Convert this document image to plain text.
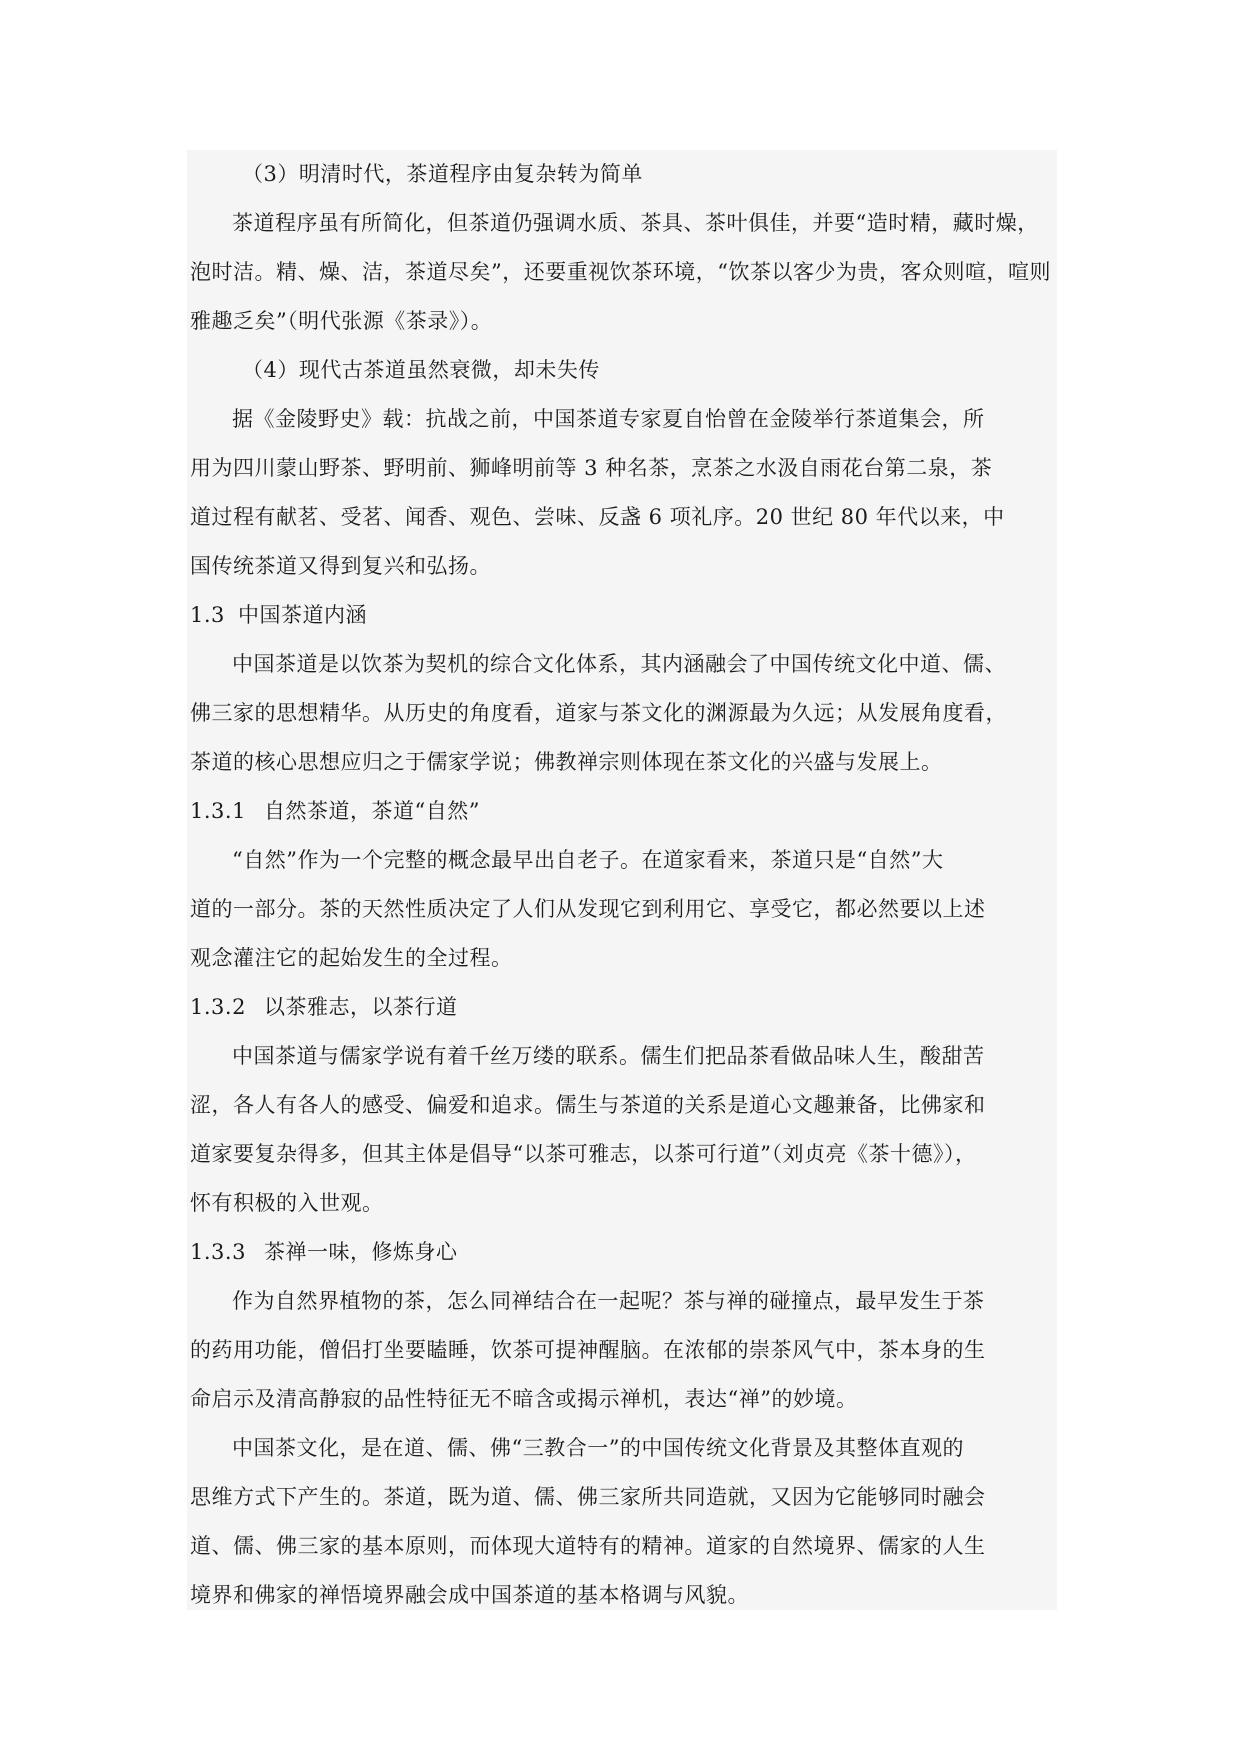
（3）明清时代，茶道程序由复杂转为简单
茶道程序虽有所简化，但茶道仍强调水质、茶具、茶叶俱佳，并要“造时精，藏时燥，
泡时洁。精、燥、洁，茶道尽矣”，还要重视饮茶环境，“饮茶以客少为贵，客众则喧，喧则
雅趣乏矣”（明代张源《茶录》）。
（4）现代古茶道虽然衰微，却未失传
据《金陵野史》载：抗战之前，中国茶道专家夏自怡曾在金陵举行茶道集会，所
用为四川蒙山野茶、野明前、狮峰明前等 3 种名茶，烹茶之水汲自雨花台第二泉，茶
道过程有献茗、受茗、闻香、观色、尝味、反盏 6 项礼序。20 世纪 80 年代以来，中
国传统茶道又得到复兴和弘扬。
1.3 中国茶道内涵
中国茶道是以饮茶为契机的综合文化体系，其内涵融会了中国传统文化中道、儒、
佛三家的思想精华。从历史的角度看，道家与茶文化的渊源最为久远；从发展角度看，
茶道的核心思想应归之于儒家学说；佛教禅宗则体现在茶文化的兴盛与发展上。
1.3.1 自然茶道，茶道“自然”
“自然”作为一个完整的概念最早出自老子。在道家看来，茶道只是“自然”大
道的一部分。茶的天然性质决定了人们从发现它到利用它、享受它，都必然要以上述
观念灌注它的起始发生的全过程。
1.3.2 以茶雅志，以茶行道
中国茶道与儒家学说有着千丝万缕的联系。儒生们把品茶看做品味人生，酸甜苦
涩，各人有各人的感受、偏爱和追求。儒生与茶道的关系是道心文趣兼备，比佛家和
道家要复杂得多，但其主体是倡导“以茶可雅志，以茶可行道”（刘贞亮《茶十德》），
怀有积极的入世观。
1.3.3 茶禅一味，修炼身心
作为自然界植物的茶，怎么同禅结合在一起呢？茶与禅的碰撞点，最早发生于茶
的药用功能，僧侣打坐要瞌睡，饮茶可提神醒脑。在浓郁的崇茶风气中，茶本身的生
命启示及清高静寂的品性特征无不暗含或揭示禅机，表达“禅”的妙境。
中国茶文化，是在道、儒、佛“三教合一”的中国传统文化背景及其整体直观的
思维方式下产生的。茶道，既为道、儒、佛三家所共同造就，又因为它能够同时融会
道、儒、佛三家的基本原则，而体现大道特有的精神。道家的自然境界、儒家的人生
境界和佛家的禅悟境界融会成中国茶道的基本格调与风貌。
